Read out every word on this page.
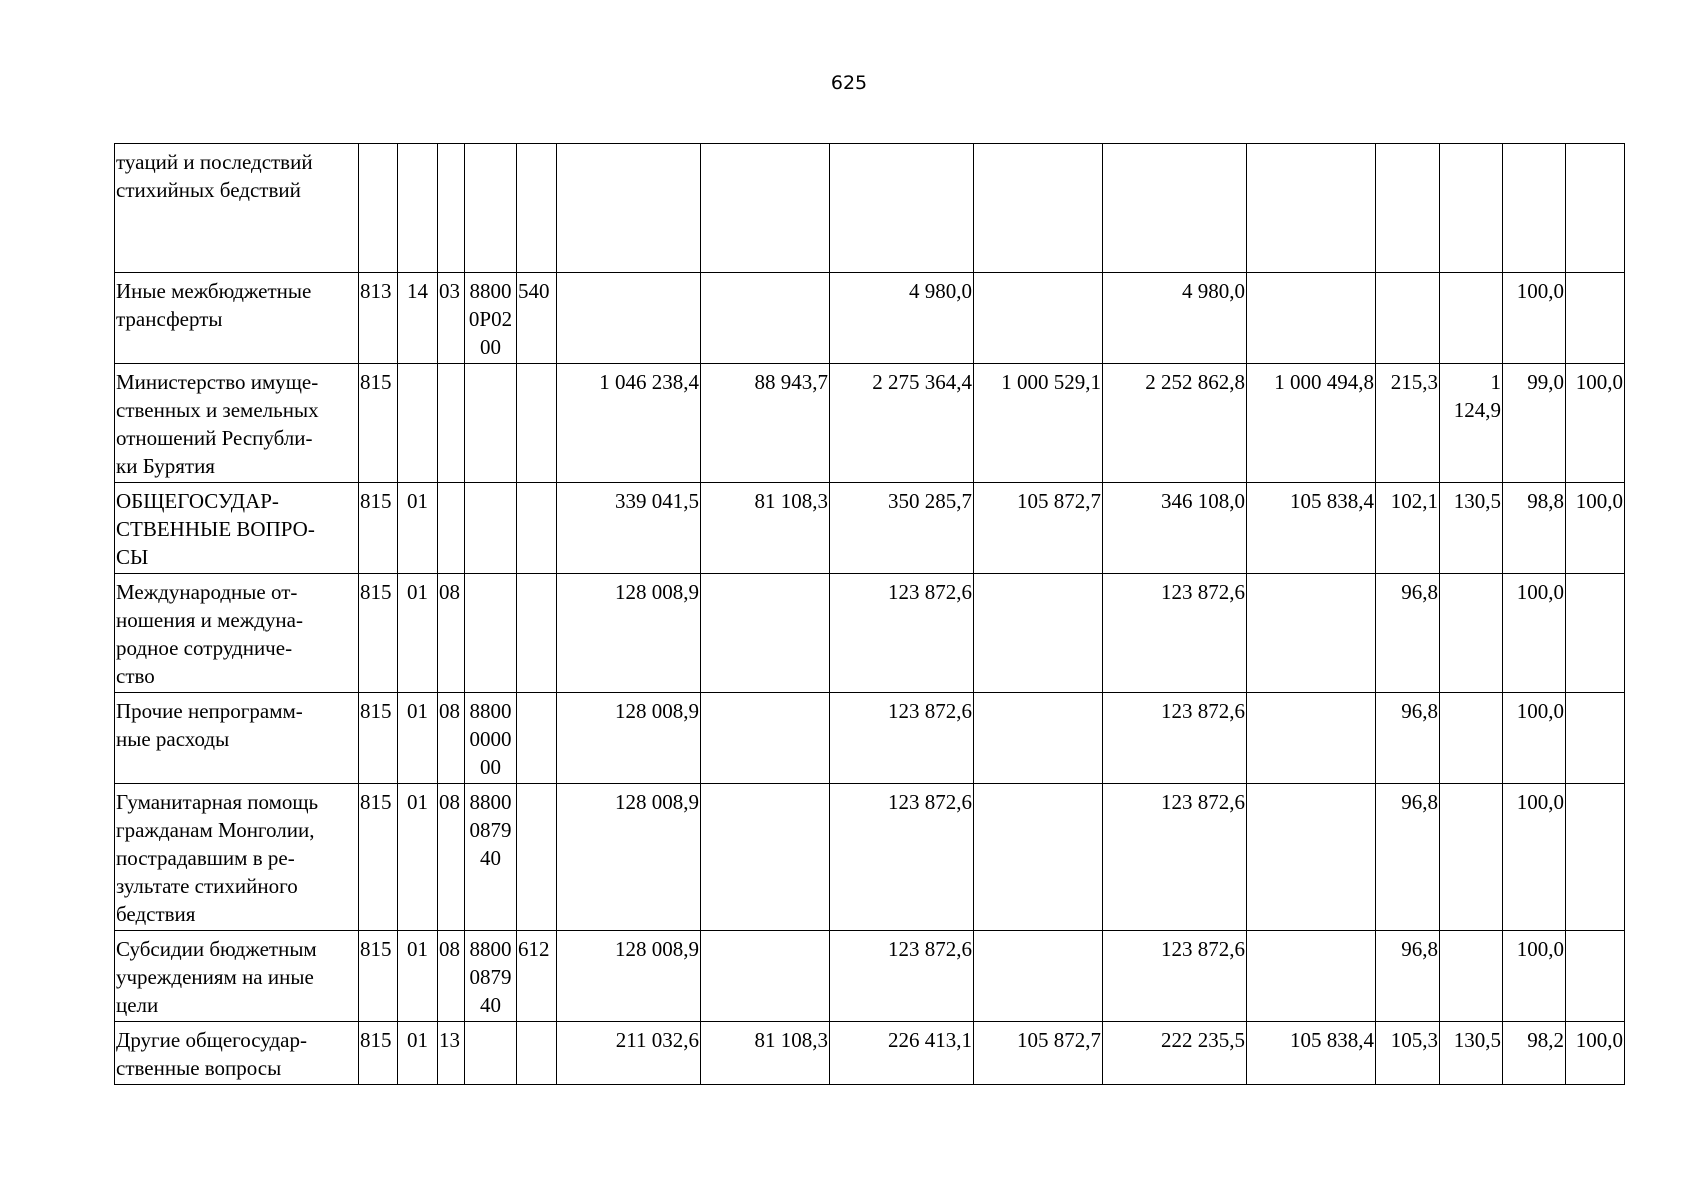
625
туаций и последствий
стихийных бедствий															
Иные межбюджетные
трансферты	813	14	03	8800
0Р02
00	540			4 980,0		4 980,0				100,0	
Министерство имуще-
ственных и земельных
отношений Республи-
ки Бурятия	815					1 046 238,4	88 943,7	2 275 364,4	1 000 529,1	2 252 862,8	1 000 494,8	215,3	1
124,9	99,0	100,0
ОБЩЕГОСУДАР-
СТВЕННЫЕ ВОПРО-
СЫ	815	01				339 041,5	81 108,3	350 285,7	105 872,7	346 108,0	105 838,4	102,1	130,5	98,8	100,0
Международные от-
ношения и междуна-
родное сотрудниче-
ство	815	01	08			128 008,9		123 872,6		123 872,6		96,8		100,0	
Прочие непрограмм-
ные расходы	815	01	08	8800
0000
00		128 008,9		123 872,6		123 872,6		96,8		100,0	
Гуманитарная помощь
гражданам Монголии,
пострадавшим в ре-
зультате стихийного
бедствия	815	01	08	8800
0879
40		128 008,9		123 872,6		123 872,6		96,8		100,0	
Субсидии бюджетным
учреждениям на иные
цели	815	01	08	8800
0879
40	612	128 008,9		123 872,6		123 872,6		96,8		100,0	
Другие общегосудар-
ственные вопросы	815	01	13			211 032,6	81 108,3	226 413,1	105 872,7	222 235,5	105 838,4	105,3	130,5	98,2	100,0
